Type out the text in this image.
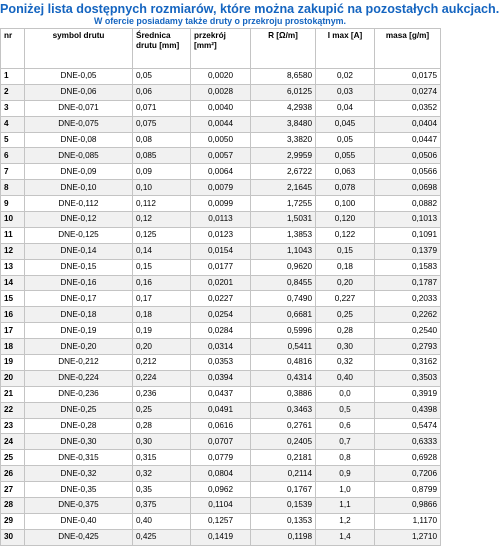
Poniżej lista dostępnych rozmiarów, które można zakupić na pozostałych aukcjach.
W ofercie posiadamy także druty o przekroju prostokątnym.
nr	symbol drutu	Średnica drutu [mm]	przekrój [mm²]	R [Ω/m]	I max [A]	masa [g/m]
1	DNE-0,05	0,05	0,0020	8,6580	0,02	0,0175
2	DNE-0,06	0,06	0,0028	6,0125	0,03	0,0274
3	DNE-0,071	0,071	0,0040	4,2938	0,04	0,0352
4	DNE-0,075	0,075	0,0044	3,8480	0,045	0,0404
5	DNE-0,08	0,08	0,0050	3,3820	0,05	0,0447
6	DNE-0,085	0,085	0,0057	2,9959	0,055	0,0506
7	DNE-0,09	0,09	0,0064	2,6722	0,063	0,0566
8	DNE-0,10	0,10	0,0079	2,1645	0,078	0,0698
9	DNE-0,112	0,112	0,0099	1,7255	0,100	0,0882
10	DNE-0,12	0,12	0,0113	1,5031	0,120	0,1013
11	DNE-0,125	0,125	0,0123	1,3853	0,122	0,1091
12	DNE-0,14	0,14	0,0154	1,1043	0,15	0,1379
13	DNE-0,15	0,15	0,0177	0,9620	0,18	0,1583
14	DNE-0,16	0,16	0,0201	0,8455	0,20	0,1787
15	DNE-0,17	0,17	0,0227	0,7490	0,227	0,2033
16	DNE-0,18	0,18	0,0254	0,6681	0,25	0,2262
17	DNE-0,19	0,19	0,0284	0,5996	0,28	0,2540
18	DNE-0,20	0,20	0,0314	0,5411	0,30	0,2793
19	DNE-0,212	0,212	0,0353	0,4816	0,32	0,3162
20	DNE-0,224	0,224	0,0394	0,4314	0,40	0,3503
21	DNE-0,236	0,236	0,0437	0,3886	0,0	0,3919
22	DNE-0,25	0,25	0,0491	0,3463	0,5	0,4398
23	DNE-0,28	0,28	0,0616	0,2761	0,6	0,5474
24	DNE-0,30	0,30	0,0707	0,2405	0,7	0,6333
25	DNE-0,315	0,315	0,0779	0,2181	0,8	0,6928
26	DNE-0,32	0,32	0,0804	0,2114	0,9	0,7206
27	DNE-0,35	0,35	0,0962	0,1767	1,0	0,8799
28	DNE-0,375	0,375	0,1104	0,1539	1,1	0,9866
29	DNE-0,40	0,40	0,1257	0,1353	1,2	1,1170
30	DNE-0,425	0,425	0,1419	0,1198	1,4	1,2710
